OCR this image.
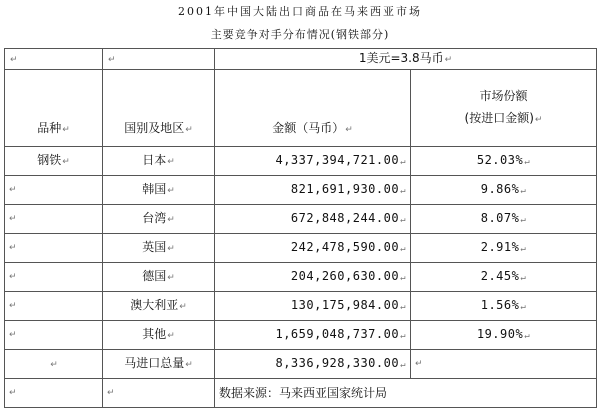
2001年中国大陆出口商品在马来西亚市场
主要竞争对手分布情况(钢铁部分)
↵	↵	1美元=3.8马币↵	
品种↵	国别及地区↵	金额（马币）↵	市场份额
(按进口金额)↵

钢铁↵	日本↵	4,337,394,721.00↵	52.03%↵

↵	韩国↵	821,691,930.00↵	9.86%↵

↵	台湾↵	672,848,244.00↵	8.07%↵

↵	英国↵	242,478,590.00↵	2.91%↵

↵	德国↵	204,260,630.00↵	2.45%↵

↵	澳大利亚↵	130,175,984.00↵	1.56%↵

↵	其他↵	1,659,048,737.00↵	19.90%↵
↵	马进口总量↵	8,336,928,330.00↵	↵

↵	↵	数据来源：马来西亚国家统计局	
